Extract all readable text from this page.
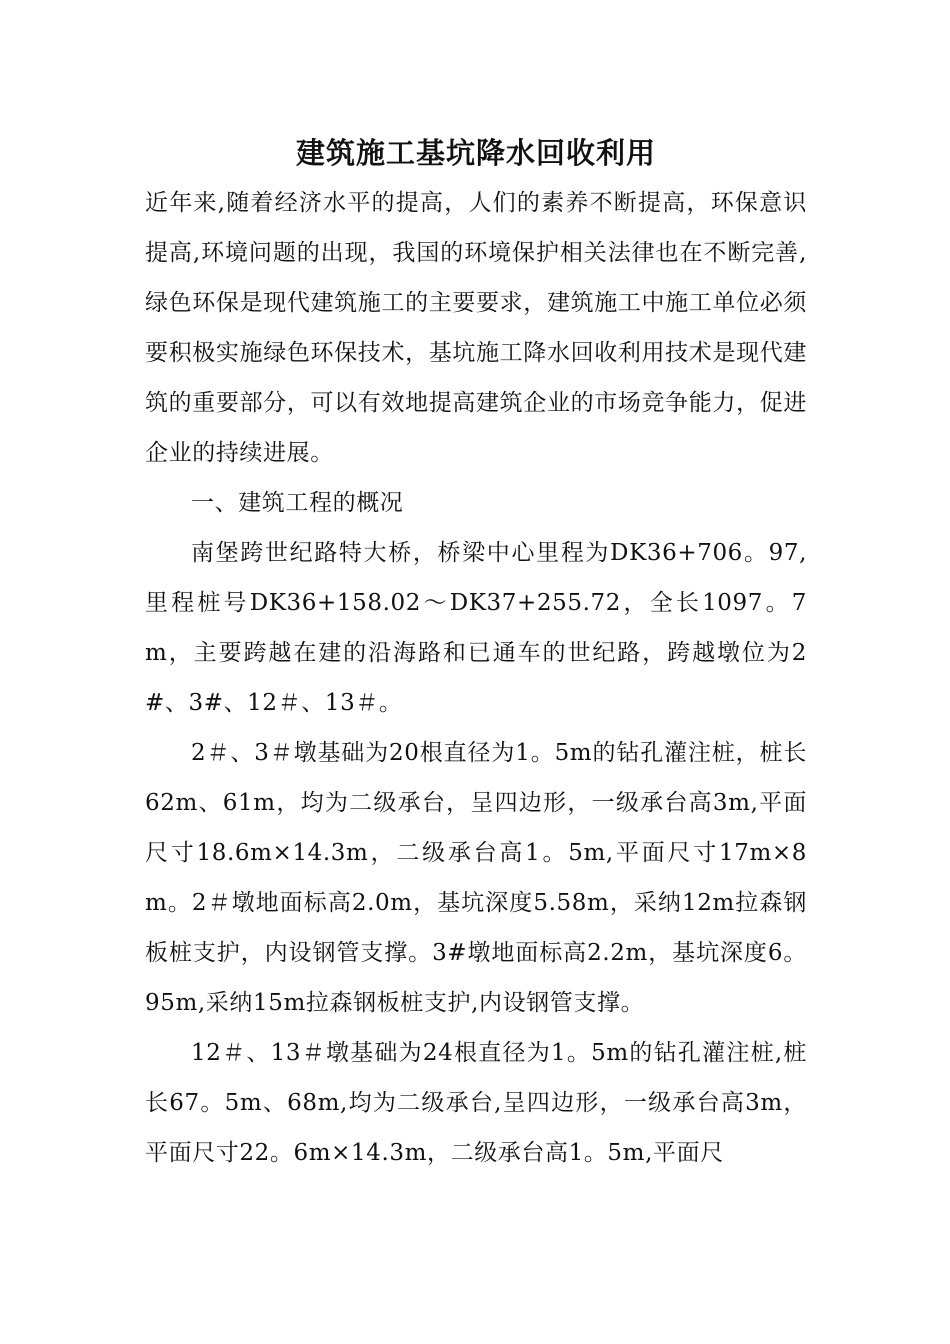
建筑施工基坑降水回收利用

近年来,随着经济水平的提高，人们的素养不断提高，环保意识提高,环境问题的出现，我国的环境保护相关法律也在不断完善,绿色环保是现代建筑施工的主要要求，建筑施工中施工单位必须要积极实施绿色环保技术，基坑施工降水回收利用技术是现代建筑的重要部分，可以有效地提高建筑企业的市场竞争能力，促进企业的持续进展。

一、建筑工程的概况

南堡跨世纪路特大桥，桥梁中心里程为DK36+706。97,里程桩号DK36+158.02～DK37+255.72，全长1097。7m，主要跨越在建的沿海路和已通车的世纪路，跨越墩位为2#、3#、12＃、13＃。

2＃、3＃墩基础为20根直径为1。5m的钻孔灌注桩，桩长62m、61m，均为二级承台，呈四边形，一级承台高3m,平面尺寸18.6m×14.3m，二级承台高1。5m,平面尺寸17m×8m。2＃墩地面标高2.0m，基坑深度5.58m，采纳12m拉森钢板桩支护，内设钢管支撑。3#墩地面标高2.2m，基坑深度6。95m,采纳15m拉森钢板桩支护,内设钢管支撑。

12＃、13＃墩基础为24根直径为1。5m的钻孔灌注桩,桩长67。5m、68m,均为二级承台,呈四边形，一级承台高3m，平面尺寸22。6m×14.3m，二级承台高1。5m,平面尺
